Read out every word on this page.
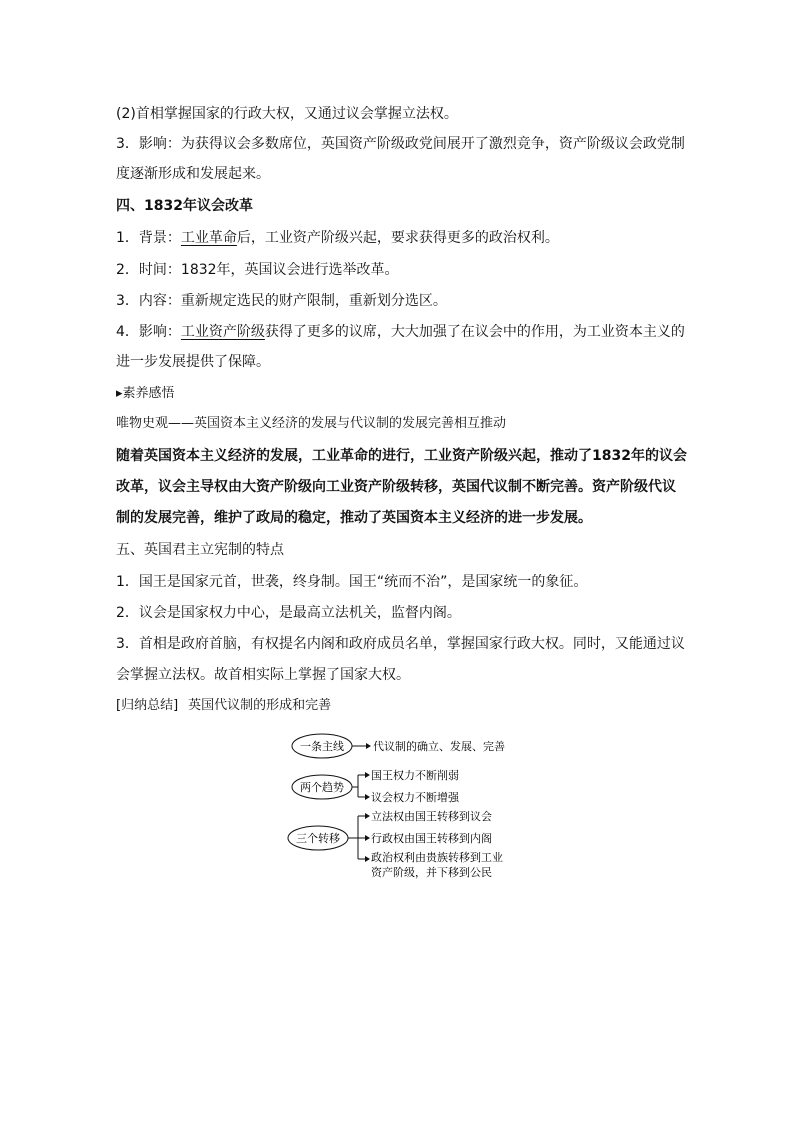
(2)首相掌握国家的行政大权，又通过议会掌握立法权。
3．影响：为获得议会多数席位，英国资产阶级政党间展开了激烈竞争，资产阶级议会政党制
度逐渐形成和发展起来。
四、1832年议会改革
1．背景：工业革命后，工业资产阶级兴起，要求获得更多的政治权利。
2．时间：1832年，英国议会进行选举改革。
3．内容：重新规定选民的财产限制，重新划分选区。
4．影响：工业资产阶级获得了更多的议席，大大加强了在议会中的作用，为工业资本主义的
进一步发展提供了保障。
▸素养感悟
唯物史观——英国资本主义经济的发展与代议制的发展完善相互推动
随着英国资本主义经济的发展，工业革命的进行，工业资产阶级兴起，推动了1832年的议会
改革，议会主导权由大资产阶级向工业资产阶级转移，英国代议制不断完善。资产阶级代议
制的发展完善，维护了政局的稳定，推动了英国资本主义经济的进一步发展。
五、英国君主立宪制的特点
1．国王是国家元首，世袭，终身制。国王“统而不治”，是国家统一的象征。
2．议会是国家权力中心，是最高立法机关，监督内阁。
3．首相是政府首脑，有权提名内阁和政府成员名单，掌握国家行政大权。同时，又能通过议
会掌握立法权。故首相实际上掌握了国家大权。
[归纳总结] 英国代议制的形成和完善
一条主线	代议制的确立、发展、完善
两个趋势
国王权力不断削弱
议会权力不断增强
三个转移
立法权由国王转移到议会
行政权由国王转移到内阁
政治权利由贵族转移到工业
资产阶级，并下移到公民
